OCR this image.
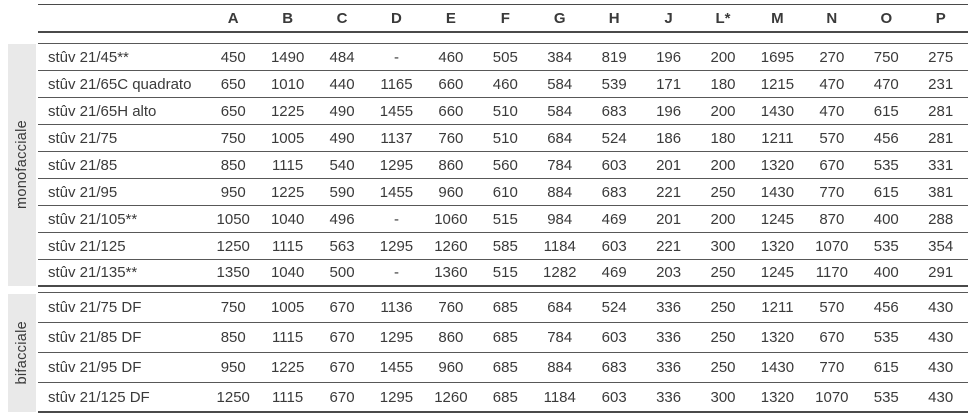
monofacciale
bifacciale
A	B	C	D	E	F	G	H	J	L*	M	N	O	P
stûv 21/45**	450	1490	484	-	460	505	384	819	196	200	1695	270	750	275
stûv 21/65C quadrato	650	1010	440	1165	660	460	584	539	171	180	1215	470	470	231
stûv 21/65H alto	650	1225	490	1455	660	510	584	683	196	200	1430	470	615	281
stûv 21/75	750	1005	490	1137	760	510	684	524	186	180	1211	570	456	281
stûv 21/85	850	1115	540	1295	860	560	784	603	201	200	1320	670	535	331
stûv 21/95	950	1225	590	1455	960	610	884	683	221	250	1430	770	615	381
stûv 21/105**	1050	1040	496	-	1060	515	984	469	201	200	1245	870	400	288
stûv 21/125	1250	1115	563	1295	1260	585	1184	603	221	300	1320	1070	535	354
stûv 21/135**	1350	1040	500	-	1360	515	1282	469	203	250	1245	1170	400	291
stûv 21/75 DF	750	1005	670	1136	760	685	684	524	336	250	1211	570	456	430
stûv 21/85 DF	850	1115	670	1295	860	685	784	603	336	250	1320	670	535	430
stûv 21/95 DF	950	1225	670	1455	960	685	884	683	336	250	1430	770	615	430
stûv 21/125 DF	1250	1115	670	1295	1260	685	1184	603	336	300	1320	1070	535	430
